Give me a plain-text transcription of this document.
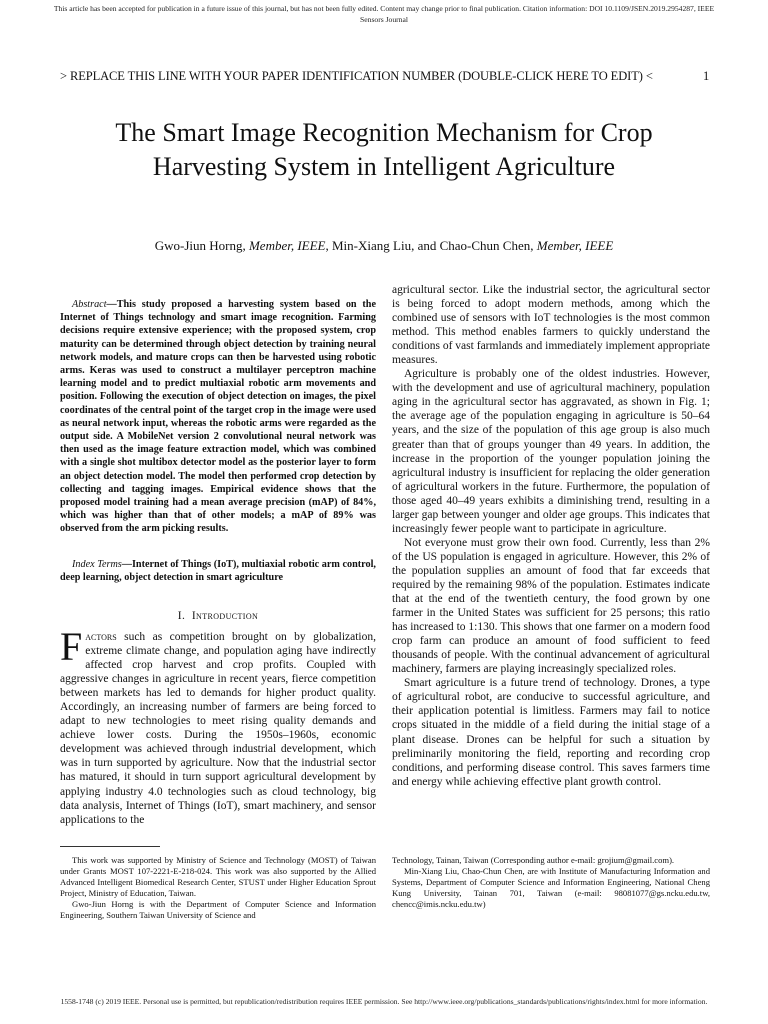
This article has been accepted for publication in a future issue of this journal, but has not been fully edited. Content may change prior to final publication. Citation information: DOI 10.1109/JSEN.2019.2954287, IEEE
Sensors Journal
> REPLACE THIS LINE WITH YOUR PAPER IDENTIFICATION NUMBER (DOUBLE-CLICK HERE TO EDIT) <	1
The Smart Image Recognition Mechanism for Crop Harvesting System in Intelligent Agriculture
Gwo-Jiun Horng, Member, IEEE, Min-Xiang Liu, and Chao-Chun Chen, Member, IEEE
Abstract—This study proposed a harvesting system based on the Internet of Things technology and smart image recognition. Farming decisions require extensive experience; with the proposed system, crop maturity can be determined through object detection by training neural network models, and mature crops can then be harvested using robotic arms. Keras was used to construct a multilayer perceptron machine learning model and to predict multiaxial robotic arm movements and position. Following the execution of object detection on images, the pixel coordinates of the central point of the target crop in the image were used as neural network input, whereas the robotic arms were regarded as the output side. A MobileNet version 2 convolutional neural network was then used as the image feature extraction model, which was combined with a single shot multibox detector model as the posterior layer to form an object detection model. The model then performed crop detection by collecting and tagging images. Empirical evidence shows that the proposed model training had a mean average precision (mAP) of 84%, which was higher than that of other models; a mAP of 89% was observed from the arm picking results.
Index Terms—Internet of Things (IoT), multiaxial robotic arm control, deep learning, object detection in smart agriculture
I. Introduction
Factors such as competition brought on by globalization, extreme climate change, and population aging have indirectly affected crop harvest and crop profits. Coupled with aggressive changes in agriculture in recent years, fierce competition between markets has led to demands for higher product quality. Accordingly, an increasing number of farmers are being forced to adapt to new technologies to meet rising quality demands and achieve lower costs. During the 1950s–1960s, economic development was achieved through industrial development, which was in turn supported by agriculture. Now that the industrial sector has matured, it should in turn support agricultural development by applying industry 4.0 technologies such as cloud technology, big data analysis, Internet of Things (IoT), smart machinery, and sensor applications to the

agricultural sector. Like the industrial sector, the agricultural sector is being forced to adopt modern methods, among which the combined use of sensors with IoT technologies is the most common method. This method enables farmers to quickly understand the conditions of vast farmlands and immediately implement appropriate measures.

Agriculture is probably one of the oldest industries. However, with the development and use of agricultural machinery, population aging in the agricultural sector has aggravated, as shown in Fig. 1; the average age of the population engaging in agriculture is 50–64 years, and the size of the population of this age group is also much greater than that of groups younger than 49 years. In addition, the increase in the proportion of the younger population joining the agricultural industry is insufficient for replacing the older generation of agricultural workers in the future. Furthermore, the population of those aged 40–49 years exhibits a diminishing trend, resulting in a larger gap between younger and older age groups. This indicates that increasingly fewer people want to participate in agriculture.

Not everyone must grow their own food. Currently, less than 2% of the US population is engaged in agriculture. However, this 2% of the population supplies an amount of food that far exceeds that required by the remaining 98% of the population. Estimates indicate that at the end of the twentieth century, the food grown by one farmer in the United States was sufficient for 25 persons; this ratio has increased to 1:130. This shows that one farmer on a modern food crop farm can produce an amount of food sufficient to feed thousands of people. With the continual advancement of agricultural machinery, farmers are playing increasingly specialized roles.

Smart agriculture is a future trend of technology. Drones, a type of agricultural robot, are conducive to successful agriculture, and their application potential is limitless. Farmers may fail to notice crops situated in the middle of a field during the initial stage of a plant disease. Drones can be helpful for such a situation by preliminarily monitoring the field, reporting and recording crop conditions, and performing disease control. This saves farmers time and energy while achieving effective plant growth control.

This work was supported by Ministry of Science and Technology (MOST) of Taiwan under Grants MOST 107-2221-E-218-024. This work was also supported by the Allied Advanced Intelligent Biomedical Research Center, STUST under Higher Education Sprout Project, Ministry of Education, Taiwan.

Gwo-Jiun Horng is with the Department of Computer Science and Information Engineering, Southern Taiwan University of Science and

Technology, Tainan, Taiwan (Corresponding author e-mail: grojium@gmail.com).

Min-Xiang Liu, Chao-Chun Chen, are with Institute of Manufacturing Information and Systems, Department of Computer Science and Information Engineering, National Cheng Kung University, Tainan 701, Taiwan (e-mail: 98081077@gs.ncku.edu.tw, chencc@imis.ncku.edu.tw)

1558-1748 (c) 2019 IEEE. Personal use is permitted, but republication/redistribution requires IEEE permission. See http://www.ieee.org/publications_standards/publications/rights/index.html for more information.
